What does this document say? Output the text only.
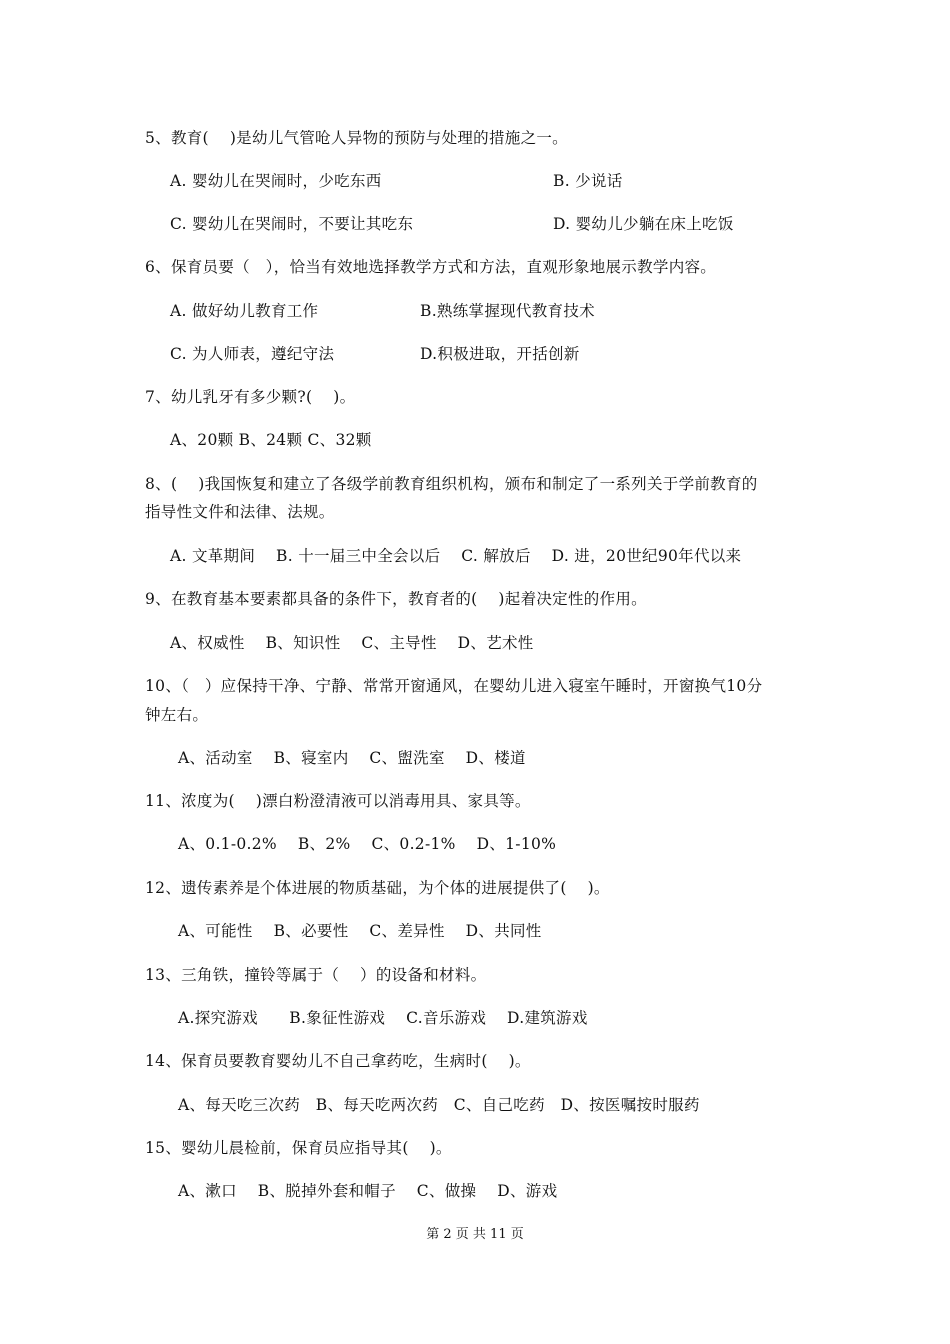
5、教育(    )是幼儿气管呛人异物的预防与处理的措施之一。
A. 婴幼儿在哭闹时，少吃东西	B. 少说话
C. 婴幼儿在哭闹时，不要让其吃东	D. 婴幼儿少躺在床上吃饭
6、保育员要（   ），恰当有效地选择教学方式和方法，直观形象地展示教学内容。
A. 做好幼儿教育工作	B.熟练掌握现代教育技术
C. 为人师表，遵纪守法	D.积极进取，开括创新
7、幼儿乳牙有多少颗?(    )。
A、20颗 B、24颗 C、32颗
8、(    )我国恢复和建立了各级学前教育组织机构，颁布和制定了一系列关于学前教育的
指导性文件和法律、法规。
A. 文革期间    B. 十一届三中全会以后    C. 解放后    D. 进，20世纪90年代以来
9、在教育基本要素都具备的条件下，教育者的(    )起着决定性的作用。
A、权威性    B、知识性    C、主导性    D、艺术性
10、（   ）应保持干净、宁静、常常开窗通风，在婴幼儿进入寝室午睡时，开窗换气10分
钟左右。
A、活动室    B、寝室内    C、盥洗室    D、楼道
11、浓度为(    )漂白粉澄清液可以消毒用具、家具等。
A、0.1-0.2%    B、2%    C、0.2-1%    D、1-10%
12、遗传素养是个体进展的物质基础，为个体的进展提供了(    )。
A、可能性    B、必要性    C、差异性    D、共同性
13、三角铁，撞铃等属于（    ）的设备和材料。
A.探究游戏      B.象征性游戏    C.音乐游戏    D.建筑游戏
14、保育员要教育婴幼儿不自己拿药吃，生病时(    )。
A、每天吃三次药   B、每天吃两次药   C、自己吃药   D、按医嘱按时服药
15、婴幼儿晨检前，保育员应指导其(    )。
A、漱口    B、脱掉外套和帽子    C、做操    D、游戏
第 2 页 共 11 页
